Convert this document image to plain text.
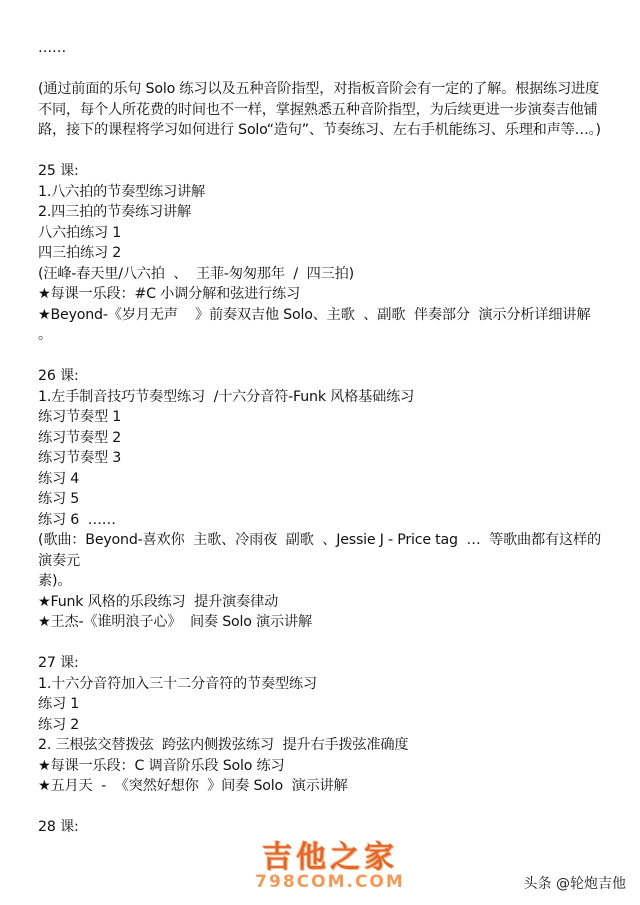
……
(通过前面的乐句 Solo 练习以及五种音阶指型，对指板音阶会有一定的了解。根据练习进度不同，每个人所花费的时间也不一样，掌握熟悉五种音阶指型，为后续更进一步演奏吉他铺路，接下的课程将学习如何进行 Solo“造句”、节奏练习、左右手机能练习、乐理和声等…。)
25 课:
1.八六拍的节奏型练习讲解
2.四三拍的节奏练习讲解
八六拍练习 1
四三拍练习 2
(汪峰-春天里/八六拍  、  王菲-匆匆那年  /  四三拍)
★每课一乐段：#C 小调分解和弦进行练习
★Beyond-《岁月无声    》前奏双吉他 Solo、主歌  、副歌  伴奏部分  演示分析详细讲解  。
26 课:
1.左手制音技巧节奏型练习  /十六分音符-Funk 风格基础练习
练习节奏型 1
练习节奏型 2
练习节奏型 3
练习 4
练习 5
练习 6  ……
(歌曲：Beyond-喜欢你  主歌、冷雨夜  副歌  、Jessie J - Price tag  …  等歌曲都有这样的演奏元
素)。
★Funk 风格的乐段练习  提升演奏律动
★王杰-《谁明浪子心》  间奏 Solo 演示讲解
27 课:
1.十六分音符加入三十二分音符的节奏型练习
练习 1
练习 2
2. 三根弦交替拨弦  跨弦内侧拨弦练习  提升右手拨弦准确度
★每课一乐段：C 调音阶乐段 Solo 练习
★五月天  -  《突然好想你  》间奏 Solo  演示讲解
28 课:
吉他之家
798COM.COM	头条 @轮炮吉他
